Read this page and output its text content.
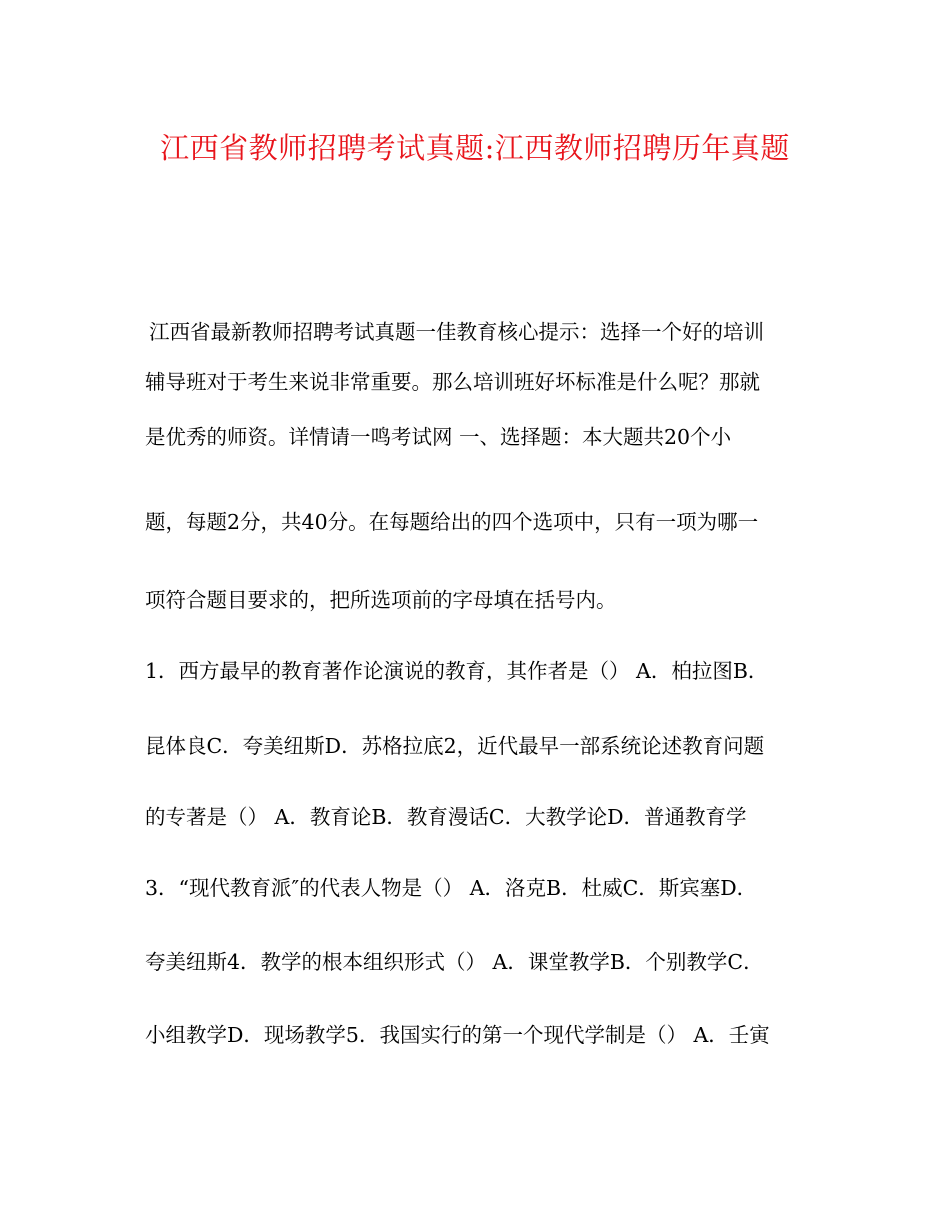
江西省教师招聘考试真题:江西教师招聘历年真题
江西省最新教师招聘考试真题一佳教育核心提示：选择一个好的培训
辅导班对于考生来说非常重要。那么培训班好坏标准是什么呢？那就
是优秀的师资。详情请一鸣考试网 一、选择题：本大题共20个小
题，每题2分，共40分。在每题给出的四个选项中，只有一项为哪一
项符合题目要求的，把所选项前的字母填在括号内。
1．西方最早的教育著作论演说的教育，其作者是（） A．柏拉图B．
昆体良C．夸美纽斯D．苏格拉底2，近代最早一部系统论述教育问题
的专著是（） A．教育论B．教育漫话C．大教学论D．普通教育学
3．“现代教育派″的代表人物是（） A．洛克B．杜威C．斯宾塞D．
夸美纽斯4．教学的根本组织形式（） A．课堂教学B．个别教学C．
小组教学D．现场教学5．我国实行的第一个现代学制是（） A．壬寅
